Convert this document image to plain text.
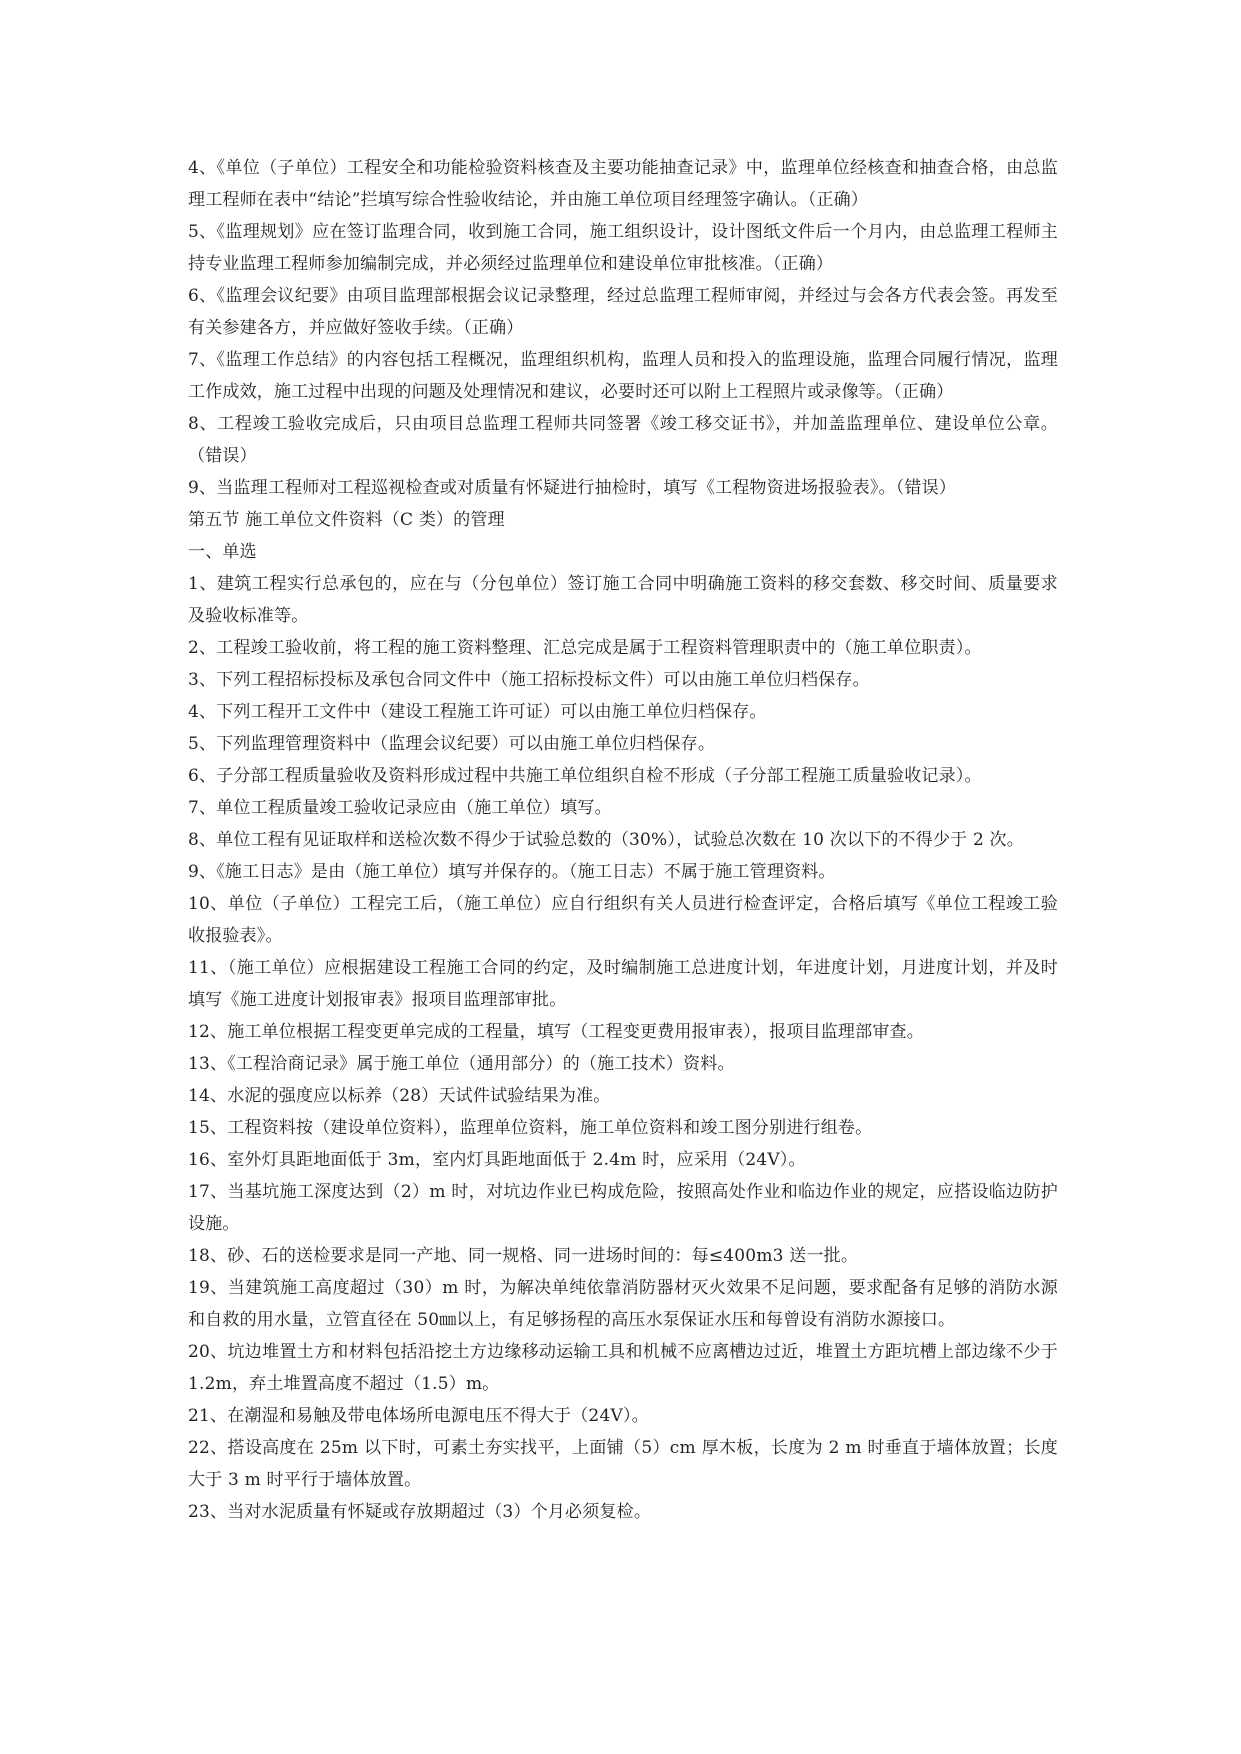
4、《单位（子单位）工程安全和功能检验资料核查及主要功能抽查记录》中，监理单位经核查和抽查合格，由总监理工程师在表中“结论”拦填写综合性验收结论，并由施工单位项目经理签字确认。（正确）

5、《监理规划》应在签订监理合同，收到施工合同，施工组织设计，设计图纸文件后一个月内，由总监理工程师主持专业监理工程师参加编制完成，并必须经过监理单位和建设单位审批核准。（正确）

6、《监理会议纪要》由项目监理部根据会议记录整理，经过总监理工程师审阅，并经过与会各方代表会签。再发至有关参建各方，并应做好签收手续。（正确）

7、《监理工作总结》的内容包括工程概况，监理组织机构，监理人员和投入的监理设施，监理合同履行情况，监理工作成效，施工过程中出现的问题及处理情况和建议，必要时还可以附上工程照片或录像等。（正确）

8、工程竣工验收完成后，只由项目总监理工程师共同签署《竣工移交证书》，并加盖监理单位、建设单位公章。（错误）

9、当监理工程师对工程巡视检查或对质量有怀疑进行抽检时，填写《工程物资进场报验表》。（错误）

第五节 施工单位文件资料（C 类）的管理

一、单选

1、建筑工程实行总承包的，应在与（分包单位）签订施工合同中明确施工资料的移交套数、移交时间、质量要求及验收标准等。

2、工程竣工验收前，将工程的施工资料整理、汇总完成是属于工程资料管理职责中的（施工单位职责）。

3、下列工程招标投标及承包合同文件中（施工招标投标文件）可以由施工单位归档保存。

4、下列工程开工文件中（建设工程施工许可证）可以由施工单位归档保存。

5、下列监理管理资料中（监理会议纪要）可以由施工单位归档保存。

6、子分部工程质量验收及资料形成过程中共施工单位组织自检不形成（子分部工程施工质量验收记录）。

7、单位工程质量竣工验收记录应由（施工单位）填写。

8、单位工程有见证取样和送检次数不得少于试验总数的（30%），试验总次数在 10 次以下的不得少于 2 次。

9、《施工日志》是由（施工单位）填写并保存的。（施工日志）不属于施工管理资料。

10、单位（子单位）工程完工后，（施工单位）应自行组织有关人员进行检查评定，合格后填写《单位工程竣工验收报验表》。

11、（施工单位）应根据建设工程施工合同的约定，及时编制施工总进度计划，年进度计划，月进度计划，并及时填写《施工进度计划报审表》报项目监理部审批。

12、施工单位根据工程变更单完成的工程量，填写（工程变更费用报审表），报项目监理部审查。

13、《工程洽商记录》属于施工单位（通用部分）的（施工技术）资料。

14、水泥的强度应以标养（28）天试件试验结果为准。

15、工程资料按（建设单位资料），监理单位资料，施工单位资料和竣工图分别进行组卷。

16、室外灯具距地面低于 3m，室内灯具距地面低于 2.4m 时，应采用（24V）。

17、当基坑施工深度达到（2）m 时，对坑边作业已构成危险，按照高处作业和临边作业的规定，应搭设临边防护设施。

18、砂、石的送检要求是同一产地、同一规格、同一进场时间的：每≤400m3 送一批。

19、当建筑施工高度超过（30）m 时，为解决单纯依靠消防器材灭火效果不足问题，要求配备有足够的消防水源和自救的用水量，立管直径在 50㎜以上，有足够扬程的高压水泵保证水压和每曾设有消防水源接口。

20、坑边堆置土方和材料包括沿挖土方边缘移动运输工具和机械不应离槽边过近，堆置土方距坑槽上部边缘不少于 1.2m，弃土堆置高度不超过（1.5）m。

21、在潮湿和易触及带电体场所电源电压不得大于（24V）。

22、搭设高度在 25m 以下时，可素土夯实找平，上面铺（5）cm 厚木板，长度为 2 m 时垂直于墙体放置；长度大于 3 m 时平行于墙体放置。

23、当对水泥质量有怀疑或存放期超过（3）个月必须复检。
